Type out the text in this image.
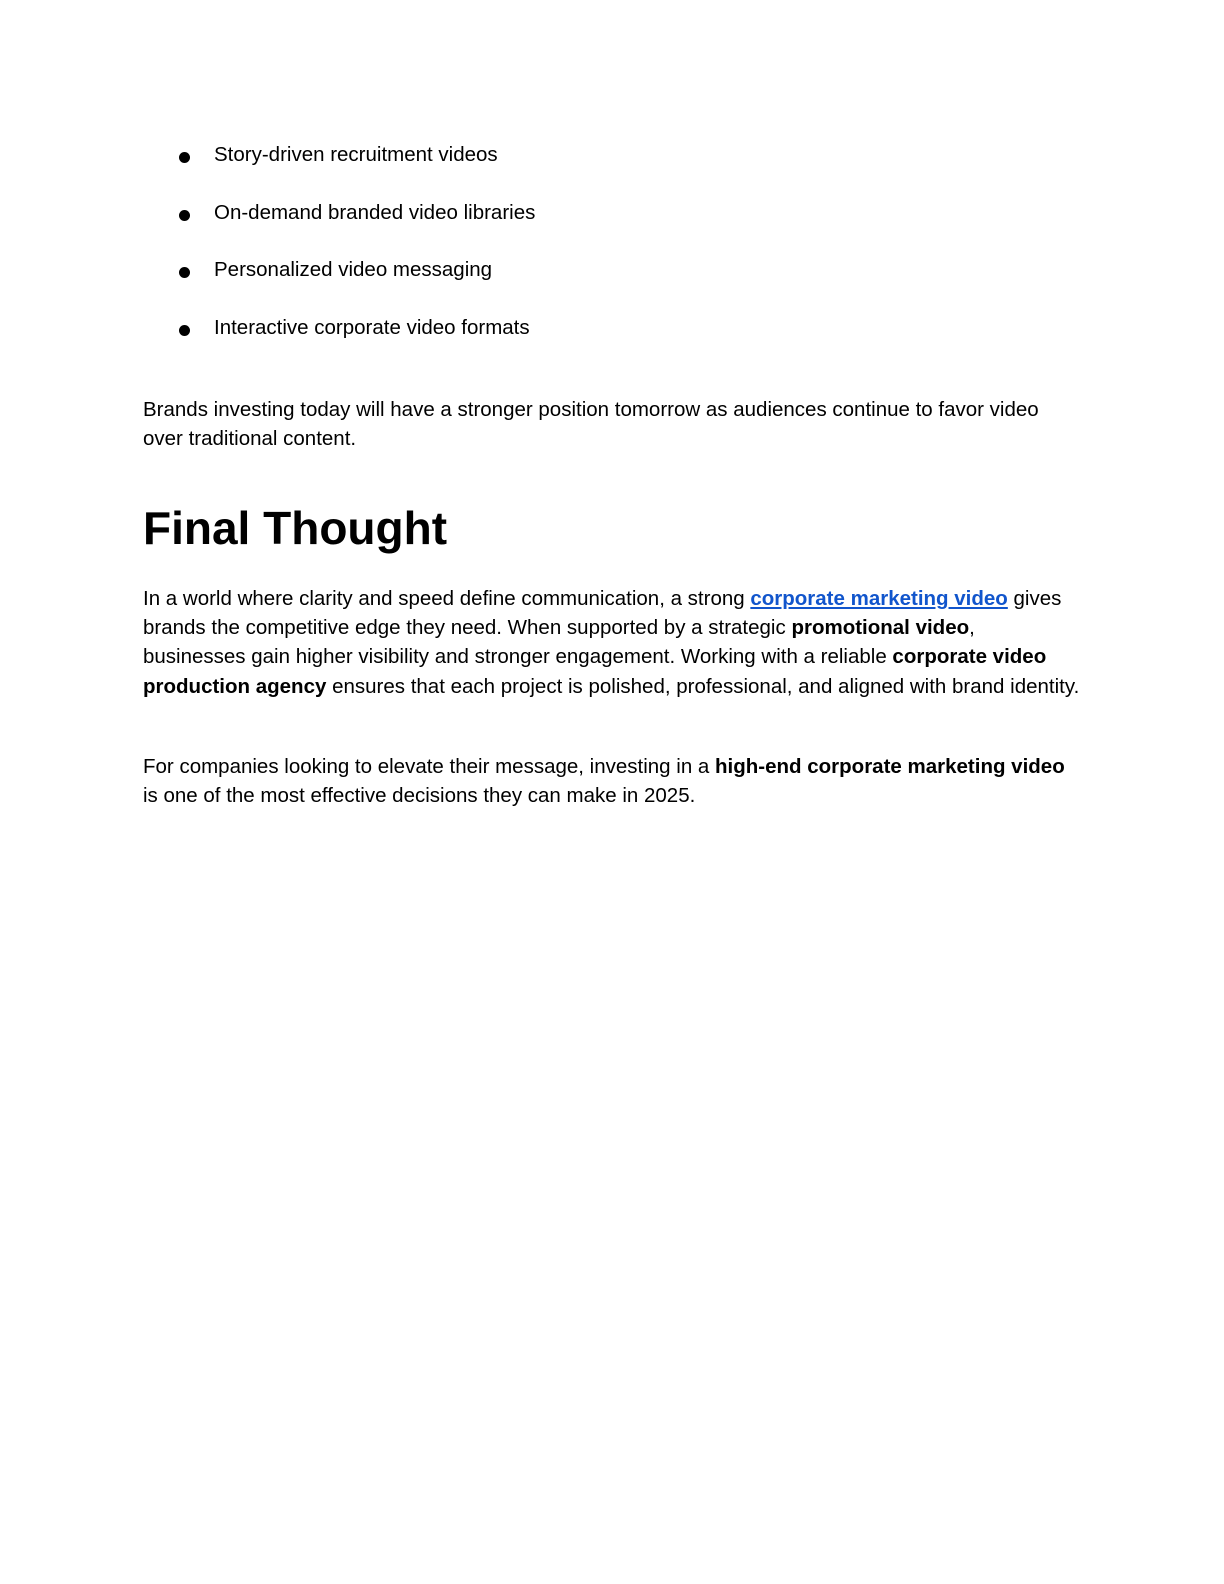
Story-driven recruitment videos
On-demand branded video libraries
Personalized video messaging
Interactive corporate video formats

Brands investing today will have a stronger position tomorrow as audiences continue to favor video over traditional content.

Final Thought

In a world where clarity and speed define communication, a strong corporate marketing video gives brands the competitive edge they need. When supported by a strategic promotional video, businesses gain higher visibility and stronger engagement. Working with a reliable corporate video production agency ensures that each project is polished, professional, and aligned with brand identity.

For companies looking to elevate their message, investing in a high-end corporate marketing video is one of the most effective decisions they can make in 2025.
